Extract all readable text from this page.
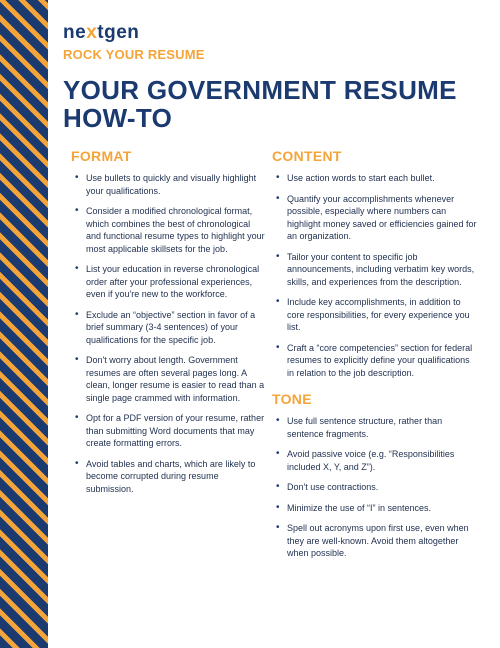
nextgen
ROCK YOUR RESUME
YOUR GOVERNMENT RESUME HOW-TO
FORMAT
• Use bullets to quickly and visually highlight your qualifications.
• Consider a modified chronological format, which combines the best of chronological and functional resume types to highlight your most applicable skillsets for the job.
• List your education in reverse chronological order after your professional experiences, even if you're new to the workforce.
• Exclude an “objective” section in favor of a brief summary (3-4 sentences) of your qualifications for the specific job.
• Don't worry about length. Government resumes are often several pages long. A clean, longer resume is easier to read than a single page crammed with information.
• Opt for a PDF version of your resume, rather than submitting Word documents that may create formatting errors.
• Avoid tables and charts, which are likely to become corrupted during resume submission.
CONTENT
• Use action words to start each bullet.
• Quantify your accomplishments whenever possible, especially where numbers can highlight money saved or efficiencies gained for an organization.
• Tailor your content to specific job announcements, including verbatim key words, skills, and experiences from the description.
• Include key accomplishments, in addition to core responsibilities, for every experience you list.
• Craft a “core competencies” section for federal resumes to explicitly define your qualifications in relation to the job description.
TONE
• Use full sentence structure, rather than sentence fragments.
• Avoid passive voice (e.g. “Responsibilities included X, Y, and Z”).
• Don't use contractions.
• Minimize the use of “I” in sentences.
• Spell out acronyms upon first use, even when they are well-known. Avoid them altogether when possible.
